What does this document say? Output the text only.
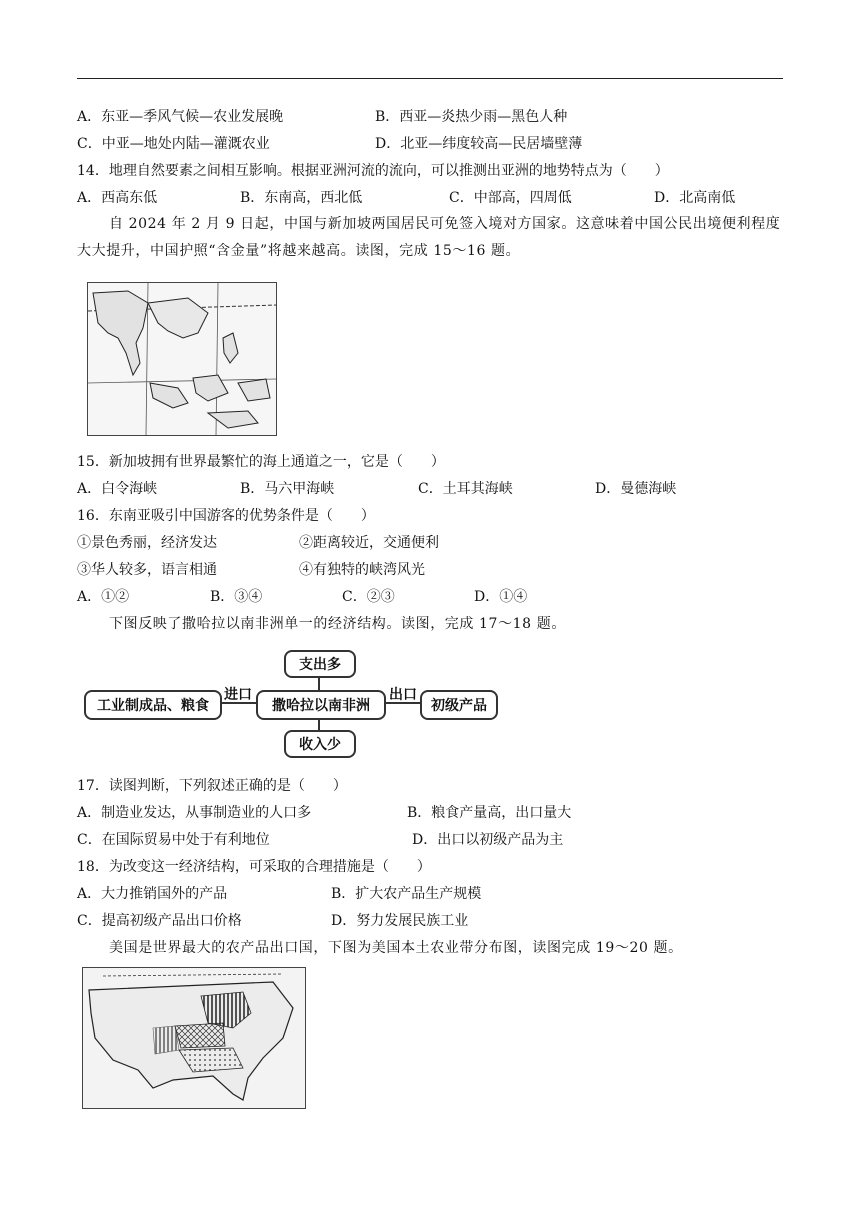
A．东亚—季风气候—农业发展晚	B．西亚—炎热少雨—黑色人种
C．中亚—地处内陆—灌溉农业	D．北亚—纬度较高—民居墙壁薄
14．地理自然要素之间相互影响。根据亚洲河流的流向，可以推测出亚洲的地势特点为（　　）
A．西高东低	B．东南高，西北低	C．中部高，四周低	D．北高南低
自 2024 年 2 月 9 日起，中国与新加坡两国居民可免签入境对方国家。这意味着中国公民出境便利程度大大提升，中国护照“含金量”将越来越高。读图，完成 15～16 题。
15．新加坡拥有世界最繁忙的海上通道之一，它是（　　）
A．白令海峡	B．马六甲海峡	C．土耳其海峡	D．曼德海峡
16．东南亚吸引中国游客的优势条件是（　　）
①景色秀丽，经济发达	②距离较近，交通便利
③华人较多，语言相通	④有独特的峡湾风光
A．①②	B．③④	C．②③	D．①④
下图反映了撒哈拉以南非洲单一的经济结构。读图，完成 17～18 题。
支出多
撒哈拉以南非洲
工业制成品、粮食	初级产品
收入少
进口	出口
17．读图判断，下列叙述正确的是（　　）
A．制造业发达，从事制造业的人口多	B．粮食产量高，出口量大
C．在国际贸易中处于有利地位	D．出口以初级产品为主
18．为改变这一经济结构，可采取的合理措施是（　　）
A．大力推销国外的产品	B．扩大农产品生产规模
C．提高初级产品出口价格	D．努力发展民族工业
美国是世界最大的农产品出口国，下图为美国本土农业带分布图，读图完成 19～20 题。
